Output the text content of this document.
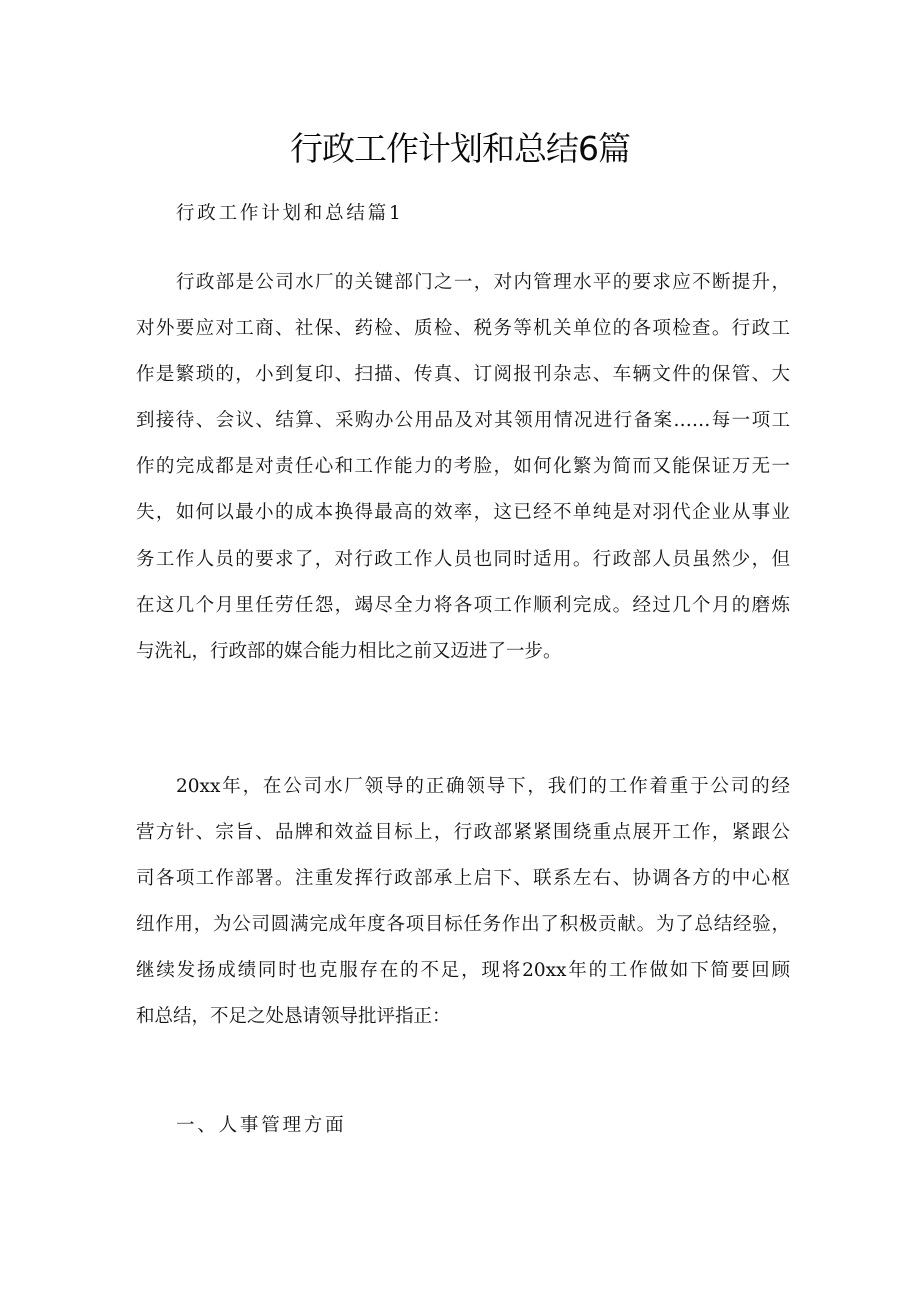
行政工作计划和总结6篇

行政工作计划和总结篇1

行政部是公司水厂的关键部门之一，对内管理水平的要求应不断提升，
对外要应对工商、社保、药检、质检、税务等机关单位的各项检查。行政工
作是繁琐的，小到复印、扫描、传真、订阅报刊杂志、车辆文件的保管、大
到接待、会议、结算、采购办公用品及对其领用情况进行备案……每一项工
作的完成都是对责任心和工作能力的考脸，如何化繁为简而又能保证万无一
失，如何以最小的成本换得最高的效率，这已经不单纯是对羽代企业从事业
务工作人员的要求了，对行政工作人员也同时适用。行政部人员虽然少，但
在这几个月里任劳任怨，竭尽全力将各项工作顺利完成。经过几个月的磨炼
与洗礼，行政部的媒合能力相比之前又迈进了一步。
20xx年，在公司水厂领导的正确领导下，我们的工作着重于公司的经
营方针、宗旨、品牌和效益目标上，行政部紧紧围绕重点展开工作，紧跟公
司各项工作部署。注重发挥行政部承上启下、联系左右、协调各方的中心枢
纽作用，为公司圆满完成年度各项目标任务作出了积极贡献。为了总结经验，
继续发扬成绩同时也克服存在的不足，现将20xx年的工作做如下简要回顾
和总结，不足之处恳请领导批评指正：

一、人事管理方面
